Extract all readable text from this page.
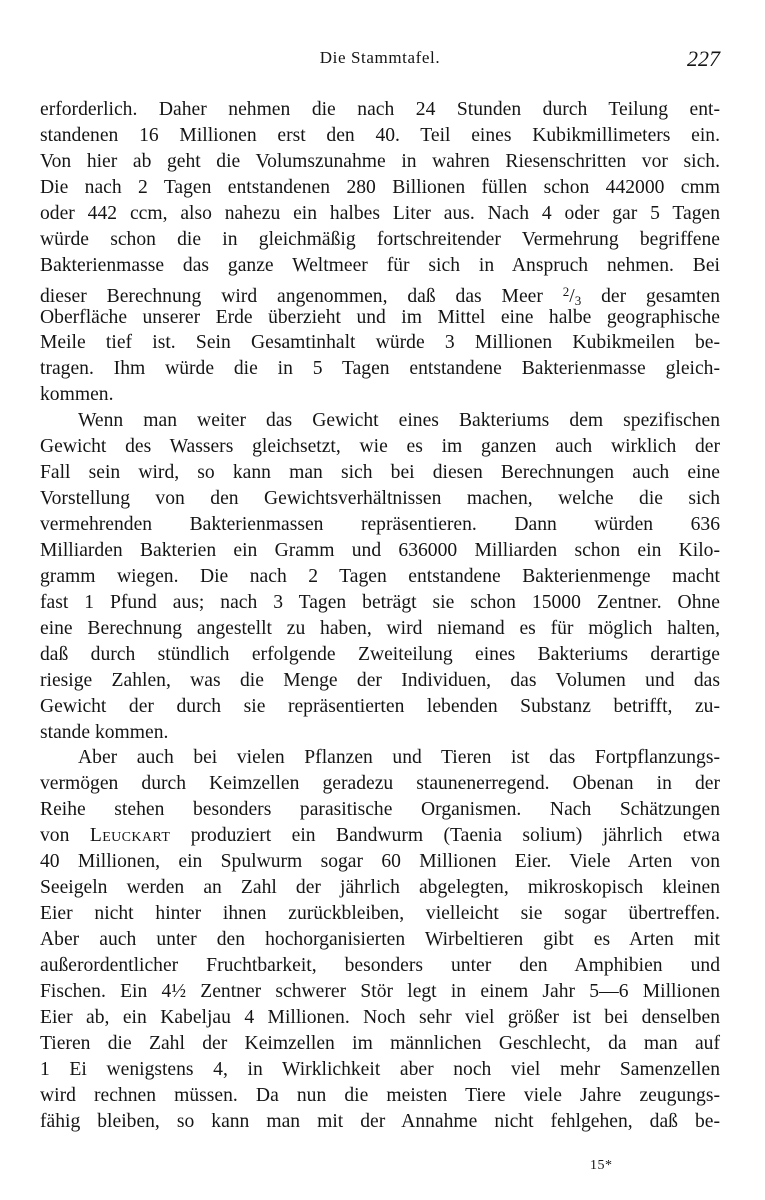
Die Stammtafel.	227
erforderlich. Daher nehmen die nach 24 Stunden durch Teilung ent-
standenen 16 Millionen erst den 40. Teil eines Kubikmillimeters ein.
Von hier ab geht die Volumszunahme in wahren Riesenschritten vor sich.
Die nach 2 Tagen entstandenen 280 Billionen füllen schon 442000 cmm
oder 442 ccm, also nahezu ein halbes Liter aus. Nach 4 oder gar 5 Tagen
würde schon die in gleichmäßig fortschreitender Vermehrung begriffene
Bakterienmasse das ganze Weltmeer für sich in Anspruch nehmen. Bei
dieser Berechnung wird angenommen, daß das Meer $^2$/3 der gesamten
Oberfläche unserer Erde überzieht und im Mittel eine halbe geographische
Meile tief ist. Sein Gesamtinhalt würde 3 Millionen Kubikmeilen be-
tragen. Ihm würde die in 5 Tagen entstandene Bakterienmasse gleich-
kommen.
Wenn man weiter das Gewicht eines Bakteriums dem spezifischen
Gewicht des Wassers gleichsetzt, wie es im ganzen auch wirklich der
Fall sein wird, so kann man sich bei diesen Berechnungen auch eine
Vorstellung von den Gewichtsverhältnissen machen, welche die sich
vermehrenden Bakterienmassen repräsentieren. Dann würden 636
Milliarden Bakterien ein Gramm und 636000 Milliarden schon ein Kilo-
gramm wiegen. Die nach 2 Tagen entstandene Bakterienmenge macht
fast 1 Pfund aus; nach 3 Tagen beträgt sie schon 15000 Zentner. Ohne
eine Berechnung angestellt zu haben, wird niemand es für möglich halten,
daß durch stündlich erfolgende Zweiteilung eines Bakteriums derartige
riesige Zahlen, was die Menge der Individuen, das Volumen und das
Gewicht der durch sie repräsentierten lebenden Substanz betrifft, zu-
stande kommen.
Aber auch bei vielen Pflanzen und Tieren ist das Fortpflanzungs-
vermögen durch Keimzellen geradezu staunenerregend. Obenan in der
Reihe stehen besonders parasitische Organismen. Nach Schätzungen
von Leuckart produziert ein Bandwurm (Taenia solium) jährlich etwa
40 Millionen, ein Spulwurm sogar 60 Millionen Eier. Viele Arten von
Seeigeln werden an Zahl der jährlich abgelegten, mikroskopisch kleinen
Eier nicht hinter ihnen zurückbleiben, vielleicht sie sogar übertreffen.
Aber auch unter den hochorganisierten Wirbeltieren gibt es Arten mit
außerordentlicher Fruchtbarkeit, besonders unter den Amphibien und
Fischen. Ein 4½ Zentner schwerer Stör legt in einem Jahr 5—6 Millionen
Eier ab, ein Kabeljau 4 Millionen. Noch sehr viel größer ist bei denselben
Tieren die Zahl der Keimzellen im männlichen Geschlecht, da man auf
1 Ei wenigstens 4, in Wirklichkeit aber noch viel mehr Samenzellen
wird rechnen müssen. Da nun die meisten Tiere viele Jahre zeugungs-
fähig bleiben, so kann man mit der Annahme nicht fehlgehen, daß be-
15*
